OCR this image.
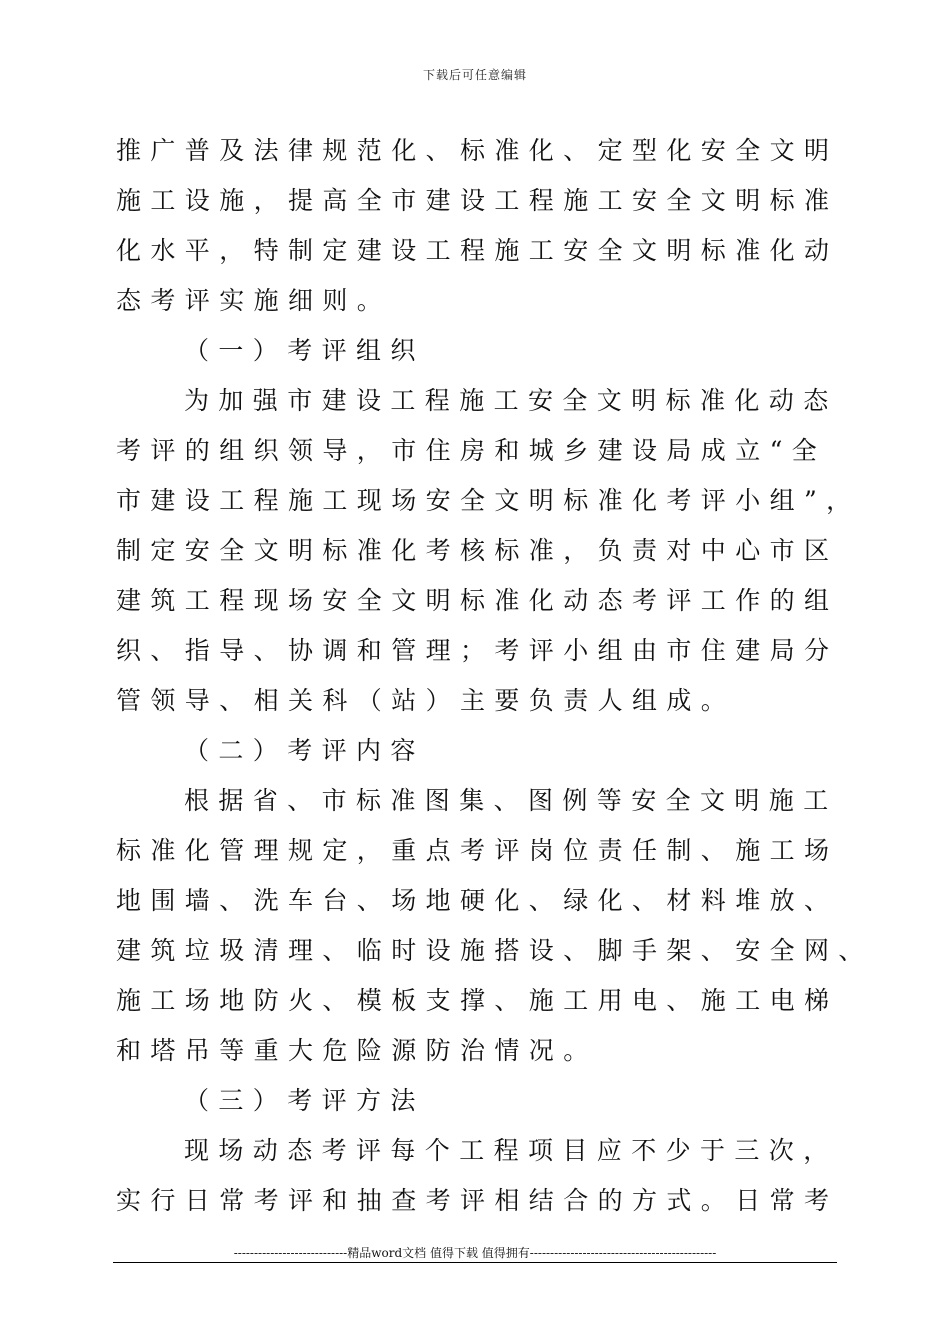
下载后可任意编辑
推广普及法律规范化、标准化、定型化安全文明
施工设施，提高全市建设工程施工安全文明标准
化水平，特制定建设工程施工安全文明标准化动
态考评实施细则。
（一）考评组织
为加强市建设工程施工安全文明标准化动态
考评的组织领导，市住房和城乡建设局成立“全
市建设工程施工现场安全文明标准化考评小组”，
制定安全文明标准化考核标准，负责对中心市区
建筑工程现场安全文明标准化动态考评工作的组
织、指导、协调和管理；考评小组由市住建局分
管领导、相关科（站）主要负责人组成。
（二）考评内容
根据省、市标准图集、图例等安全文明施工
标准化管理规定，重点考评岗位责任制、施工场
地围墙、洗车台、场地硬化、绿化、材料堆放、
建筑垃圾清理、临时设施搭设、脚手架、安全网、
施工场地防火、模板支撑、施工用电、施工电梯
和塔吊等重大危险源防治情况。
（三）考评方法
现场动态考评每个工程项目应不少于三次，
实行日常考评和抽查考评相结合的方式。日常考
----------------------------精品word文档 值得下载 值得拥有----------------------------------------------
